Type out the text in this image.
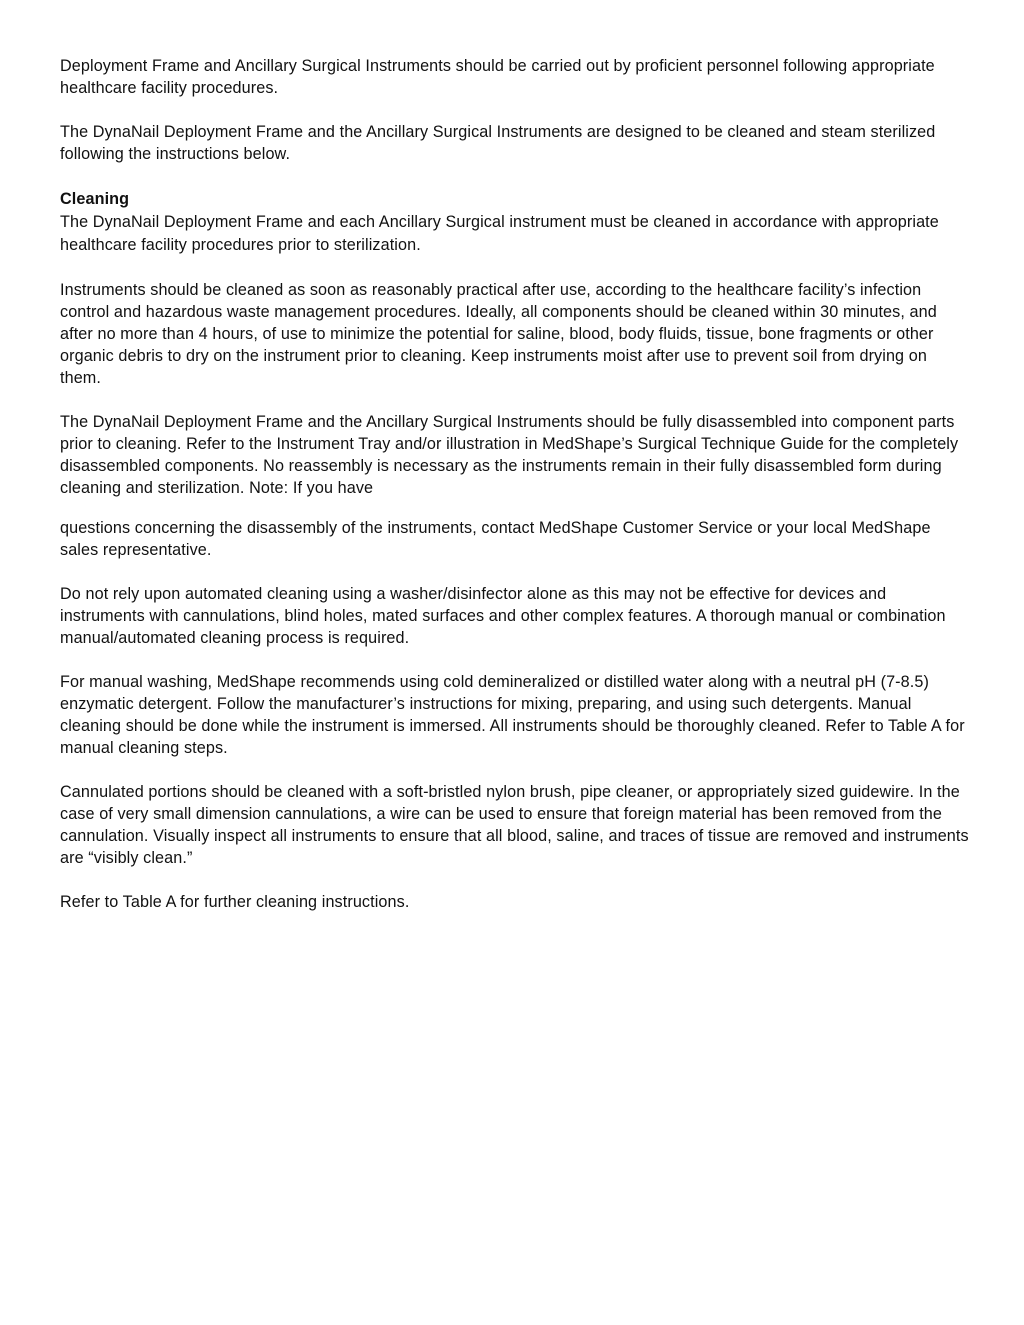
Deployment Frame and Ancillary Surgical Instruments should be carried out by proficient personnel following appropriate healthcare facility procedures.

The DynaNail Deployment Frame and the Ancillary Surgical Instruments are designed to be cleaned and steam sterilized following the instructions below.

Cleaning

The DynaNail Deployment Frame and each Ancillary Surgical instrument must be cleaned in accordance with appropriate healthcare facility procedures prior to sterilization.

Instruments should be cleaned as soon as reasonably practical after use, according to the healthcare facility’s infection control and hazardous waste management procedures. Ideally, all components should be cleaned within 30 minutes, and after no more than 4 hours, of use to minimize the potential for saline, blood, body fluids, tissue, bone fragments or other organic debris to dry on the instrument prior to cleaning. Keep instruments moist after use to prevent soil from drying on them.

The DynaNail Deployment Frame and the Ancillary Surgical Instruments should be fully disassembled into component parts prior to cleaning. Refer to the Instrument Tray and/or illustration in MedShape’s Surgical Technique Guide for the completely disassembled components. No reassembly is necessary as the instruments remain in their fully disassembled form during cleaning and sterilization. Note: If you have

questions concerning the disassembly of the instruments, contact MedShape Customer Service or your local MedShape sales representative.

Do not rely upon automated cleaning using a washer/disinfector alone as this may not be effective for devices and instruments with cannulations, blind holes, mated surfaces and other complex features. A thorough manual or combination manual/automated cleaning process is required.

For manual washing, MedShape recommends using cold demineralized or distilled water along with a neutral pH (7-8.5) enzymatic detergent. Follow the manufacturer’s instructions for mixing, preparing, and using such detergents. Manual cleaning should be done while the instrument is immersed. All instruments should be thoroughly cleaned. Refer to Table A for manual cleaning steps.

Cannulated portions should be cleaned with a soft-bristled nylon brush, pipe cleaner, or appropriately sized guidewire. In the case of very small dimension cannulations, a wire can be used to ensure that foreign material has been removed from the cannulation. Visually inspect all instruments to ensure that all blood, saline, and traces of tissue are removed and instruments are “visibly clean.”

Refer to Table A for further cleaning instructions.
